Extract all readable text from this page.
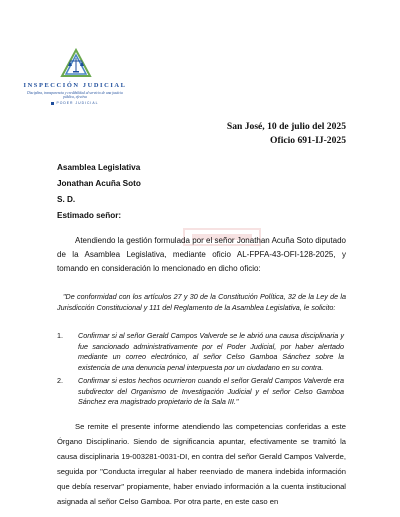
INSPECCIÓN JUDICIAL
Disciplina, transparencia y credibilidad al servicio de una justicia pública, efectiva
PODER JUDICIAL
San José, 10 de julio del 2025
Oficio 691-IJ-2025
Asamblea Legislativa
Jonathan Acuña Soto
S. D.
Estimado señor:
Atendiendo la gestión formulada por el señor Jonathan Acuña Soto diputado de la Asamblea Legislativa, mediante oficio AL-FPFA-43-OFI-128-2025, y tomando en consideración lo mencionado en dicho oficio:
"De conformidad con los artículos 27 y 30 de la Constitución Política, 32 de la Ley de la Jurisdicción Constitucional y 111 del Reglamento de la Asamblea Legislativa, le solicito:
1.	Confirmar si al señor Gerald Campos Valverde se le abrió una causa disciplinaria y fue sancionado administrativamente por el Poder Judicial, por haber alertado mediante un correo electrónico, al señor Celso Gamboa Sánchez sobre la existencia de una denuncia penal interpuesta por un ciudadano en su contra.
2.	Confirmar si estos hechos ocurrieron cuando el señor Gerald Campos Valverde era subdirector del Organismo de Investigación Judicial y el señor Celso Gamboa Sánchez era magistrado propietario de la Sala III."
Se remite el presente informe atendiendo las competencias conferidas a este Órgano Disciplinario. Siendo de significancia apuntar, efectivamente se tramitó la causa disciplinaria 19-003281-0031-DI, en contra del señor Gerald Campos Valverde, seguida por "Conducta irregular al haber reenviado de manera indebida información que debía reservar" propiamente, haber enviado información a la cuenta institucional asignada al señor Celso Gamboa. Por otra parte, en este caso en
